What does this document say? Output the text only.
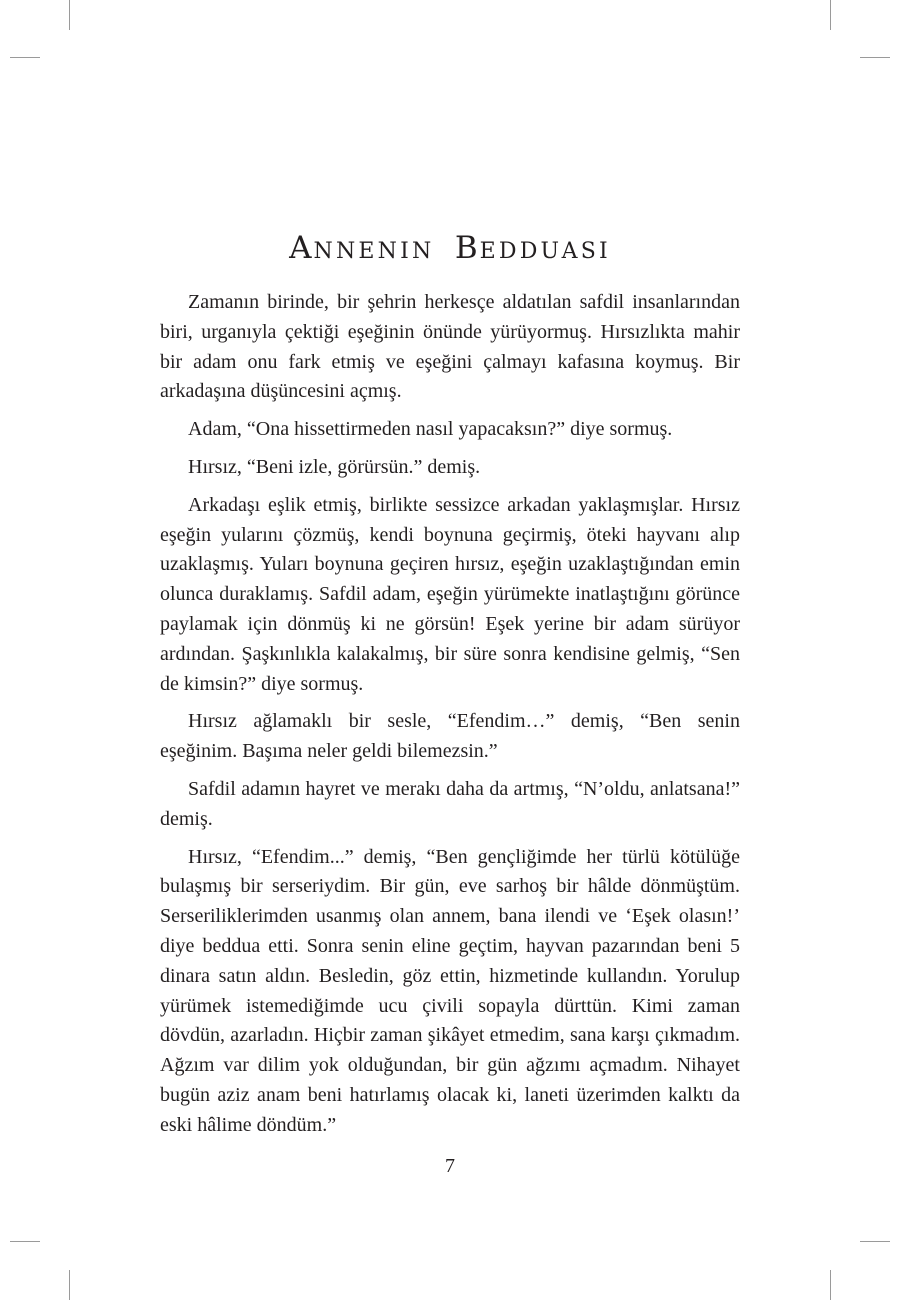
ANNENIN BEDDUASI

Zamanın birinde, bir şehrin herkesçe aldatılan safdil insanlarından biri, urganıyla çektiği eşeğinin önünde yürüyormuş. Hırsızlıkta mahir bir adam onu fark etmiş ve eşeğini çalmayı kafasına koymuş. Bir arkadaşına düşüncesini açmış.

Adam, “Ona hissettirmeden nasıl yapacaksın?” diye sormuş.

Hırsız, “Beni izle, görürsün.” demiş.

Arkadaşı eşlik etmiş, birlikte sessizce arkadan yaklaşmışlar. Hırsız eşeğin yularını çözmüş, kendi boynuna geçirmiş, öteki hayvanı alıp uzaklaşmış. Yuları boynuna geçiren hırsız, eşeğin uzaklaştığından emin olunca duraklamış. Safdil adam, eşeğin yürümekte inatlaştığını görünce paylamak için dönmüş ki ne görsün! Eşek yerine bir adam sürüyor ardından. Şaşkınlıkla kalakalmış, bir süre sonra kendisine gelmiş, “Sen de kimsin?” diye sormuş.

Hırsız ağlamaklı bir sesle, “Efendim…” demiş, “Ben senin eşeğinim. Başıma neler geldi bilemezsin.”

Safdil adamın hayret ve merakı daha da artmış, “N’oldu, anlatsana!” demiş.

Hırsız, “Efendim...” demiş, “Ben gençliğimde her türlü kötülüğe bulaşmış bir serseriydim. Bir gün, eve sarhoş bir hâlde dönmüştüm. Serseriliklerimden usanmış olan annem, bana ilendi ve ‘Eşek olasın!’ diye beddua etti. Sonra senin eline geçtim, hayvan pazarından beni 5 dinara satın aldın. Besledin, göz ettin, hizmetinde kullandın. Yorulup yürümek istemediğimde ucu çivili sopayla dürttün. Kimi zaman dövdün, azarladın. Hiçbir zaman şikâyet etmedim, sana karşı çıkmadım. Ağzım var dilim yok olduğundan, bir gün ağzımı açmadım. Nihayet bugün aziz anam beni hatırlamış olacak ki, laneti üzerimden kalktı da eski hâlime döndüm.”

7
